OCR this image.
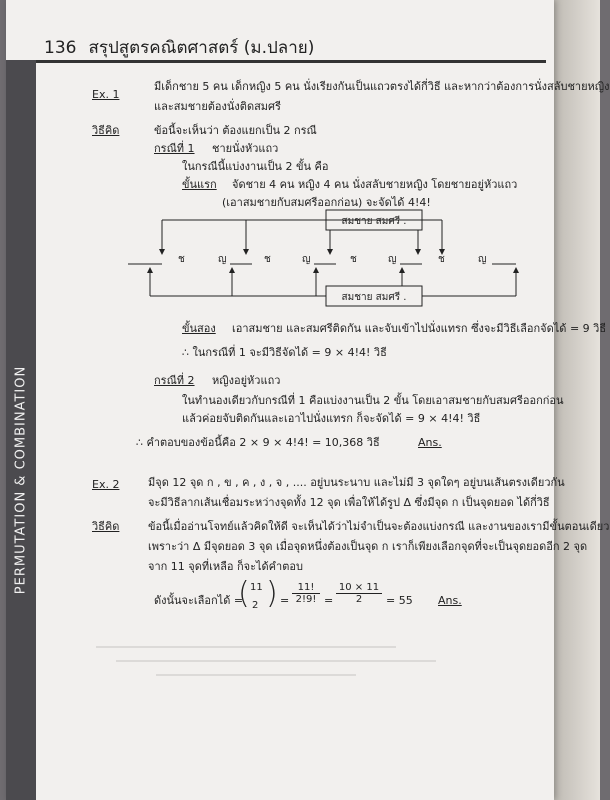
PERMUTATION & COMBINATION
136 สรุปสูตรคณิตศาสตร์ (ม.ปลาย)
Ex. 1
มีเด็กชาย 5 คน เด็กหญิง 5 คน นั่งเรียงกันเป็นแถวตรงได้กี่วิธี และหากว่าต้องการนั่งสลับชายหญิง
และสมชายต้องนั่งติดสมศรี
วิธีคิด	ข้อนี้จะเห็นว่า ต้องแยกเป็น 2 กรณี
กรณีที่ 1 ชายนั่งหัวแถว
ในกรณีนี้แบ่งงานเป็น 2 ขั้น คือ
ขั้นแรก จัดชาย 4 คน หญิง 4 คน นั่งสลับชายหญิง โดยชายอยู่หัวแถว
(เอาสมชายกับสมศรีออกก่อน) จะจัดได้ 4!4!
สมชาย สมศรี .
ช	ญ	ช	ญ	ช	ญ	ช	ญ
สมชาย สมศรี .
ขั้นสอง เอาสมชาย และสมศรีติดกัน และจับเข้าไปนั่งแทรก ซึ่งจะมีวิธีเลือกจัดได้ = 9 วิธี
∴ ในกรณีที่ 1 จะมีวิธีจัดได้ = 9 × 4!4! วิธี
กรณีที่ 2 หญิงอยู่หัวแถว
ในทำนองเดียวกับกรณีที่ 1 คือแบ่งงานเป็น 2 ขั้น โดยเอาสมชายกับสมศรีออกก่อน
แล้วค่อยจับติดกันและเอาไปนั่งแทรก ก็จะจัดได้ = 9 × 4!4! วิธี
∴ คำตอบของข้อนี้คือ 2 × 9 × 4!4! = 10,368 วิธี	Ans.
Ex. 2	มีจุด 12 จุด ก , ข , ค , ง , จ , .... อยู่บนระนาบ และไม่มี 3 จุดใดๆ อยู่บนเส้นตรงเดียวกัน
จะมีวิธีลากเส้นเชื่อมระหว่างจุดทั้ง 12 จุด เพื่อให้ได้รูป Δ ซึ่งมีจุด ก เป็นจุดยอด ได้กี่วิธี
วิธีคิด	ข้อนี้เมื่ออ่านโจทย์แล้วคิดให้ดี จะเห็นได้ว่าไม่จำเป็นจะต้องแบ่งกรณี และงานของเรามีขั้นตอนเดียว
เพราะว่า Δ มีจุดยอด 3 จุด เมื่อจุดหนึ่งต้องเป็นจุด ก เราก็เพียงเลือกจุดที่จะเป็นจุดยอดอีก 2 จุด
จาก 11 จุดที่เหลือ ก็จะได้คำตอบ
ดังนั้นจะเลือกได้ =
( 11
2 ) = $\frac{11!}{2!9!} = \frac{10 \times 11}{2} = 55$ Ans.
